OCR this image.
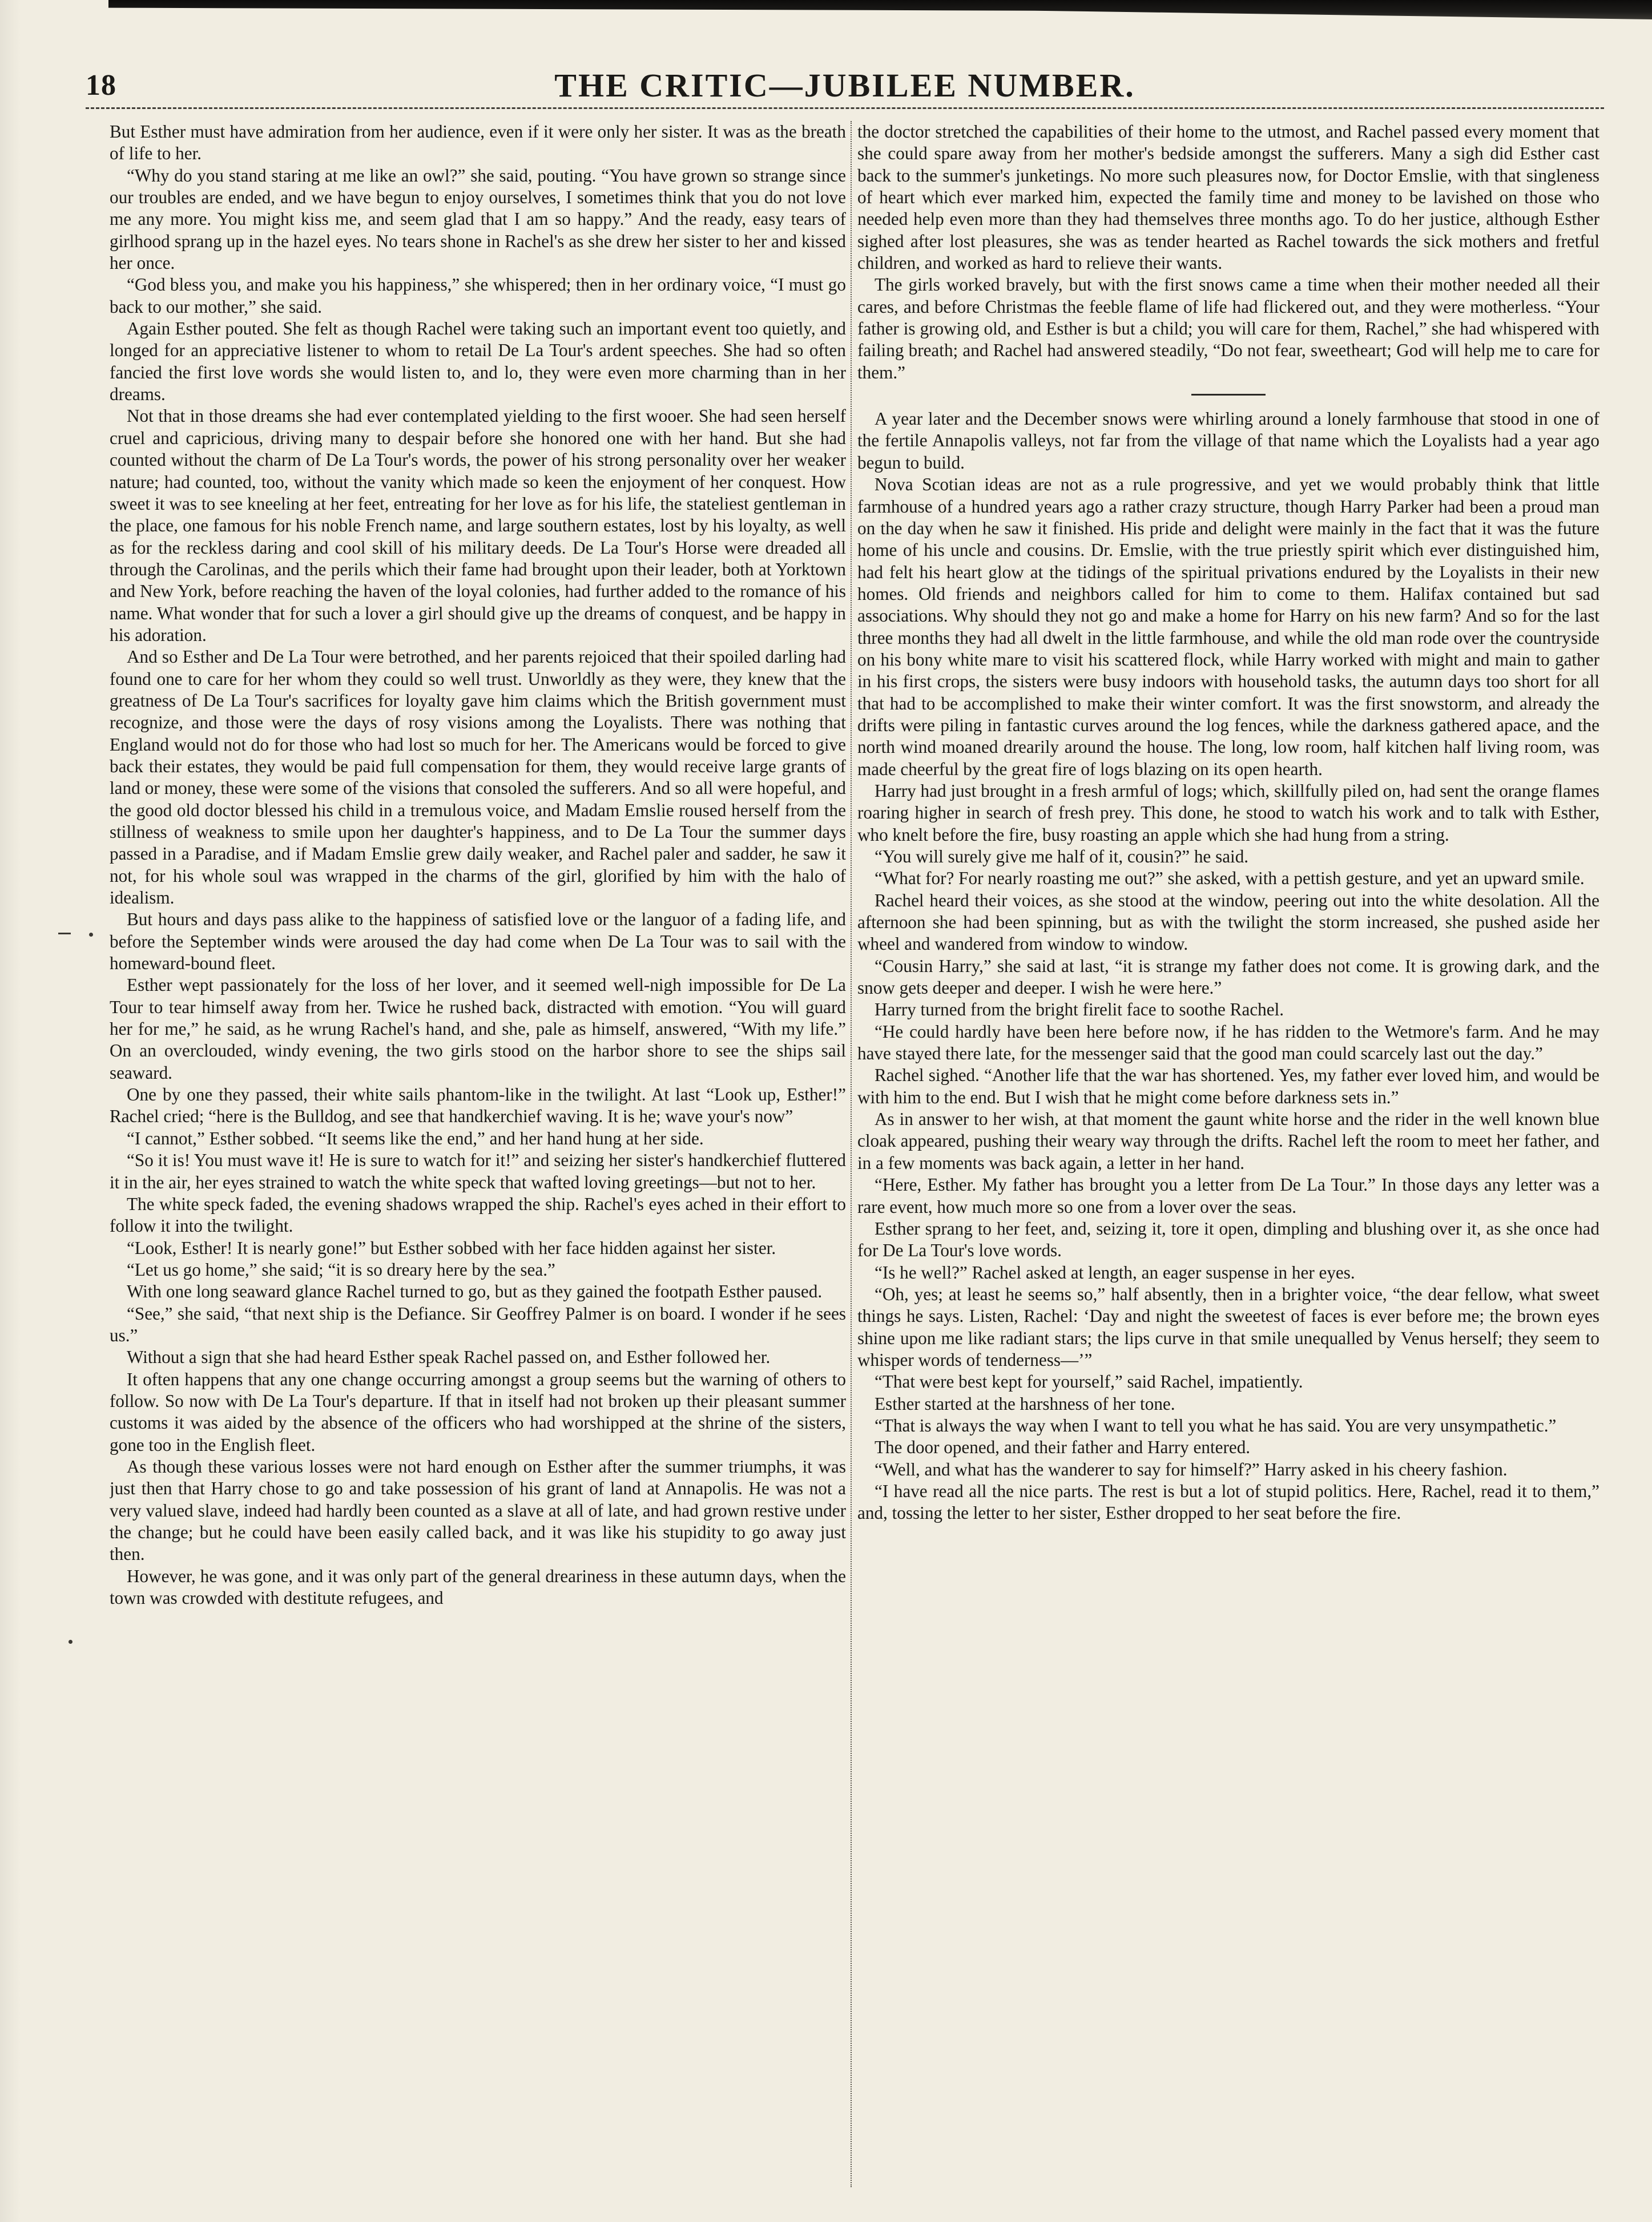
18	THE CRITIC—JUBILEE NUMBER.

But Esther must have admiration from her audience, even if it were only her sister. It was as the breath of life to her.

“Why do you stand staring at me like an owl?” she said, pouting. “You have grown so strange since our troubles are ended, and we have begun to enjoy ourselves, I sometimes think that you do not love me any more. You might kiss me, and seem glad that I am so happy.” And the ready, easy tears of girlhood sprang up in the hazel eyes. No tears shone in Rachel's as she drew her sister to her and kissed her once.

“God bless you, and make you his happiness,” she whispered; then in her ordinary voice, “I must go back to our mother,” she said.

Again Esther pouted. She felt as though Rachel were taking such an important event too quietly, and longed for an appreciative listener to whom to retail De La Tour's ardent speeches. She had so often fancied the first love words she would listen to, and lo, they were even more charming than in her dreams.

Not that in those dreams she had ever contemplated yielding to the first wooer. She had seen herself cruel and capricious, driving many to despair before she honored one with her hand. But she had counted without the charm of De La Tour's words, the power of his strong personality over her weaker nature; had counted, too, without the vanity which made so keen the enjoyment of her conquest. How sweet it was to see kneeling at her feet, entreating for her love as for his life, the stateliest gentleman in the place, one famous for his noble French name, and large southern estates, lost by his loyalty, as well as for the reckless daring and cool skill of his military deeds. De La Tour's Horse were dreaded all through the Carolinas, and the perils which their fame had brought upon their leader, both at Yorktown and New York, before reaching the haven of the loyal colonies, had further added to the romance of his name. What wonder that for such a lover a girl should give up the dreams of conquest, and be happy in his adoration.

And so Esther and De La Tour were betrothed, and her parents rejoiced that their spoiled darling had found one to care for her whom they could so well trust. Unworldly as they were, they knew that the greatness of De La Tour's sacrifices for loyalty gave him claims which the British government must recognize, and those were the days of rosy visions among the Loyalists. There was nothing that England would not do for those who had lost so much for her. The Americans would be forced to give back their estates, they would be paid full compensation for them, they would receive large grants of land or money, these were some of the visions that consoled the sufferers. And so all were hopeful, and the good old doctor blessed his child in a tremulous voice, and Madam Emslie roused herself from the stillness of weakness to smile upon her daughter's happiness, and to De La Tour the summer days passed in a Paradise, and if Madam Emslie grew daily weaker, and Rachel paler and sadder, he saw it not, for his whole soul was wrapped in the charms of the girl, glorified by him with the halo of idealism.

But hours and days pass alike to the happiness of satisfied love or the languor of a fading life, and before the September winds were aroused the day had come when De La Tour was to sail with the homeward-bound fleet.

Esther wept passionately for the loss of her lover, and it seemed well-nigh impossible for De La Tour to tear himself away from her. Twice he rushed back, distracted with emotion. “You will guard her for me,” he said, as he wrung Rachel's hand, and she, pale as himself, answered, “With my life.” On an overclouded, windy evening, the two girls stood on the harbor shore to see the ships sail seaward.

One by one they passed, their white sails phantom-like in the twilight. At last “Look up, Esther!” Rachel cried; “here is the Bulldog, and see that handkerchief waving. It is he; wave your's now”

“I cannot,” Esther sobbed. “It seems like the end,” and her hand hung at her side.

“So it is! You must wave it! He is sure to watch for it!” and seizing her sister's handkerchief fluttered it in the air, her eyes strained to watch the white speck that wafted loving greetings—but not to her.

The white speck faded, the evening shadows wrapped the ship. Rachel's eyes ached in their effort to follow it into the twilight.

“Look, Esther! It is nearly gone!” but Esther sobbed with her face hidden against her sister.

“Let us go home,” she said; “it is so dreary here by the sea.”

With one long seaward glance Rachel turned to go, but as they gained the footpath Esther paused.

“See,” she said, “that next ship is the Defiance. Sir Geoffrey Palmer is on board. I wonder if he sees us.”

Without a sign that she had heard Esther speak Rachel passed on, and Esther followed her.

It often happens that any one change occurring amongst a group seems but the warning of others to follow. So now with De La Tour's departure. If that in itself had not broken up their pleasant summer customs it was aided by the absence of the officers who had worshipped at the shrine of the sisters, gone too in the English fleet.

As though these various losses were not hard enough on Esther after the summer triumphs, it was just then that Harry chose to go and take possession of his grant of land at Annapolis. He was not a very valued slave, indeed had hardly been counted as a slave at all of late, and had grown restive under the change; but he could have been easily called back, and it was like his stupidity to go away just then.

However, he was gone, and it was only part of the general dreariness in these autumn days, when the town was crowded with destitute refugees, and

the doctor stretched the capabilities of their home to the utmost, and Rachel passed every moment that she could spare away from her mother's bedside amongst the sufferers. Many a sigh did Esther cast back to the summer's junketings. No more such pleasures now, for Doctor Emslie, with that singleness of heart which ever marked him, expected the family time and money to be lavished on those who needed help even more than they had themselves three months ago. To do her justice, although Esther sighed after lost pleasures, she was as tender hearted as Rachel towards the sick mothers and fretful children, and worked as hard to relieve their wants.

The girls worked bravely, but with the first snows came a time when their mother needed all their cares, and before Christmas the feeble flame of life had flickered out, and they were motherless. “Your father is growing old, and Esther is but a child; you will care for them, Rachel,” she had whispered with failing breath; and Rachel had answered steadily, “Do not fear, sweetheart; God will help me to care for them.”

A year later and the December snows were whirling around a lonely farmhouse that stood in one of the fertile Annapolis valleys, not far from the village of that name which the Loyalists had a year ago begun to build.

Nova Scotian ideas are not as a rule progressive, and yet we would probably think that little farmhouse of a hundred years ago a rather crazy structure, though Harry Parker had been a proud man on the day when he saw it finished. His pride and delight were mainly in the fact that it was the future home of his uncle and cousins. Dr. Emslie, with the true priestly spirit which ever distinguished him, had felt his heart glow at the tidings of the spiritual privations endured by the Loyalists in their new homes. Old friends and neighbors called for him to come to them. Halifax contained but sad associations. Why should they not go and make a home for Harry on his new farm? And so for the last three months they had all dwelt in the little farmhouse, and while the old man rode over the countryside on his bony white mare to visit his scattered flock, while Harry worked with might and main to gather in his first crops, the sisters were busy indoors with household tasks, the autumn days too short for all that had to be accomplished to make their winter comfort. It was the first snowstorm, and already the drifts were piling in fantastic curves around the log fences, while the darkness gathered apace, and the north wind moaned drearily around the house. The long, low room, half kitchen half living room, was made cheerful by the great fire of logs blazing on its open hearth.

Harry had just brought in a fresh armful of logs; which, skillfully piled on, had sent the orange flames roaring higher in search of fresh prey. This done, he stood to watch his work and to talk with Esther, who knelt before the fire, busy roasting an apple which she had hung from a string.

“You will surely give me half of it, cousin?” he said.

“What for? For nearly roasting me out?” she asked, with a pettish gesture, and yet an upward smile.

Rachel heard their voices, as she stood at the window, peering out into the white desolation. All the afternoon she had been spinning, but as with the twilight the storm increased, she pushed aside her wheel and wandered from window to window.

“Cousin Harry,” she said at last, “it is strange my father does not come. It is growing dark, and the snow gets deeper and deeper. I wish he were here.”

Harry turned from the bright firelit face to soothe Rachel.

“He could hardly have been here before now, if he has ridden to the Wetmore's farm. And he may have stayed there late, for the messenger said that the good man could scarcely last out the day.”

Rachel sighed. “Another life that the war has shortened. Yes, my father ever loved him, and would be with him to the end. But I wish that he might come before darkness sets in.”

As in answer to her wish, at that moment the gaunt white horse and the rider in the well known blue cloak appeared, pushing their weary way through the drifts. Rachel left the room to meet her father, and in a few moments was back again, a letter in her hand.

“Here, Esther. My father has brought you a letter from De La Tour.” In those days any letter was a rare event, how much more so one from a lover over the seas.

Esther sprang to her feet, and, seizing it, tore it open, dimpling and blushing over it, as she once had for De La Tour's love words.

“Is he well?” Rachel asked at length, an eager suspense in her eyes.

“Oh, yes; at least he seems so,” half absently, then in a brighter voice, “the dear fellow, what sweet things he says. Listen, Rachel: ‘Day and night the sweetest of faces is ever before me; the brown eyes shine upon me like radiant stars; the lips curve in that smile unequalled by Venus herself; they seem to whisper words of tenderness—’”

“That were best kept for yourself,” said Rachel, impatiently.

Esther started at the harshness of her tone.

“That is always the way when I want to tell you what he has said. You are very unsympathetic.”

The door opened, and their father and Harry entered.

“Well, and what has the wanderer to say for himself?” Harry asked in his cheery fashion.

“I have read all the nice parts. The rest is but a lot of stupid politics. Here, Rachel, read it to them,” and, tossing the letter to her sister, Esther dropped to her seat before the fire.
